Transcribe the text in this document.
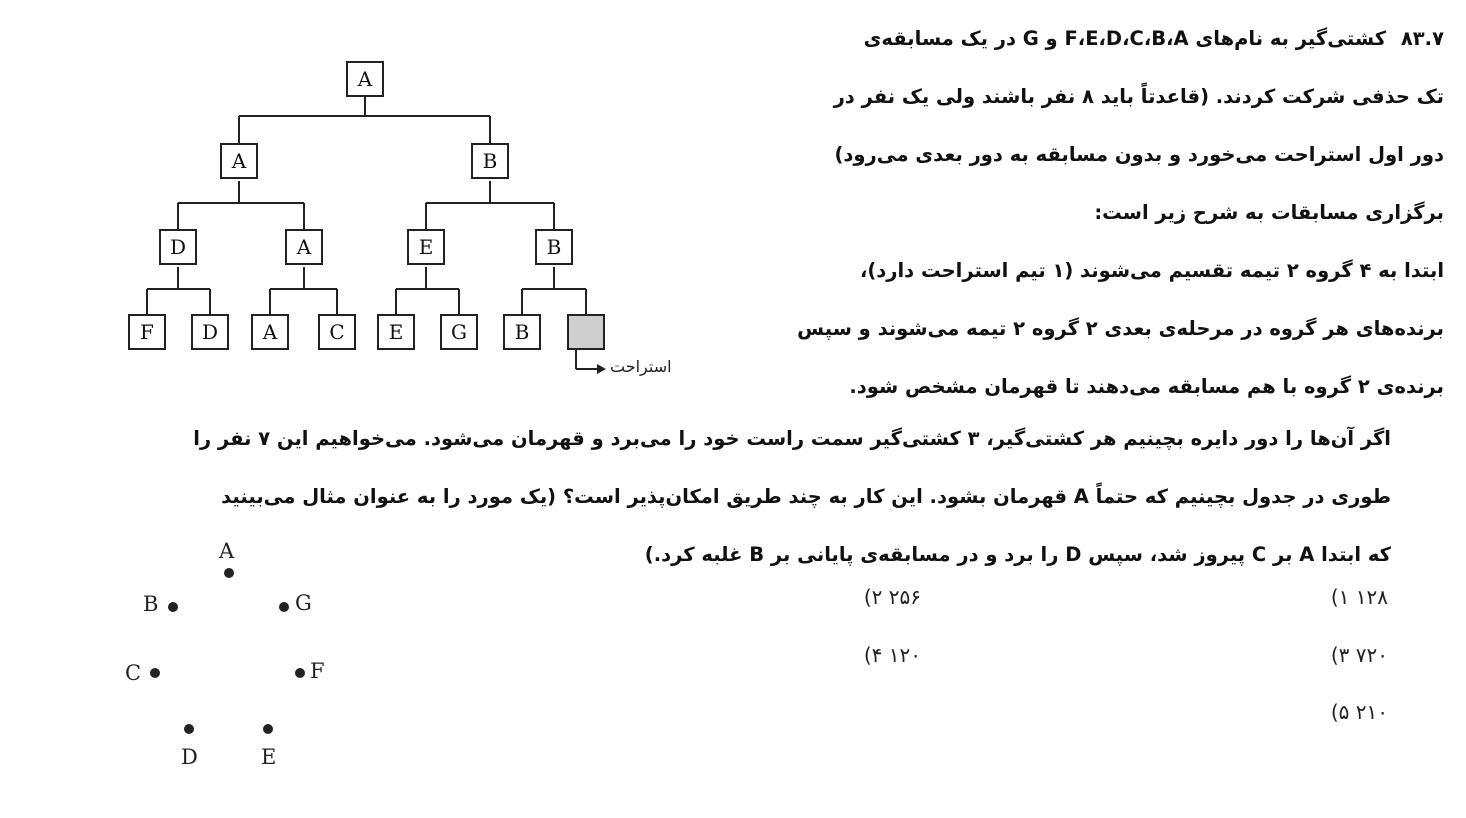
۸۳.۷ کشتی‌گیر به نام‌های F،E،D،C،B،A و G در یک مسابقه‌ی
تک حذفی شرکت کردند. (قاعدتاً باید ۸ نفر باشند ولی یک نفر در
دور اول استراحت می‌خورد و بدون مسابقه به دور بعدی می‌رود)
برگزاری مسابقات به شرح زیر است:
ابتدا به ۴ گروه ۲ تیمه تقسیم می‌شوند (۱ تیم استراحت دارد)،
برنده‌های هر گروه در مرحله‌ی بعدی ۲ گروه ۲ تیمه می‌شوند و سپس
برنده‌ی ۲ گروه با هم مسابقه می‌دهند تا قهرمان مشخص شود.
اگر آن‌ها را دور دایره بچینیم هر کشتی‌گیر، ۳ کشتی‌گیر سمت راست خود را می‌برد و قهرمان می‌شود. می‌خواهیم این ۷ نفر را
طوری در جدول بچینیم که حتماً A قهرمان بشود. این کار به چند طریق امکان‌پذیر است؟ (یک مورد را به عنوان مثال می‌بینید
که ابتدا A بر C پیروز شد، سپس D را برد و در مسابقه‌ی پایانی بر B غلبه کرد.)
۱۲۸ ۱)
۲۵۶ ۲)
۷۲۰ ۳)
۱۲۰ ۴)
۲۱۰ ۵)
A
A	B
D	A	E	B
F	D	A	C	E	G	B
استراحت
A
G
F
E
D
C
B
